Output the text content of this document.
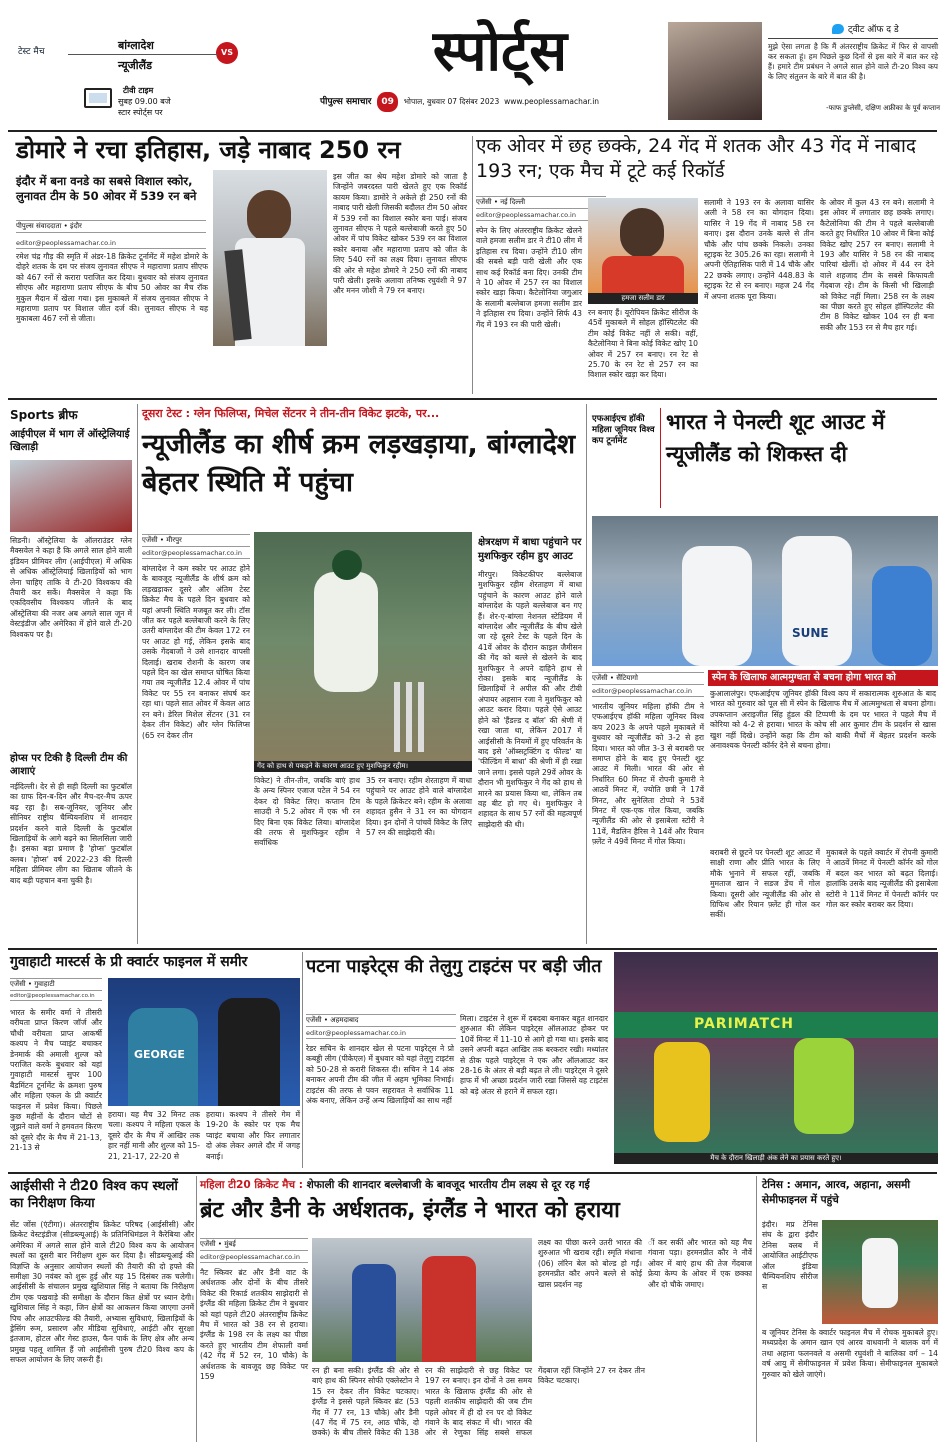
टेस्ट मैच	बांग्लादेश
VS
न्यूजीलैंड
टीवी टाइम
सुबह 09.00 बजे
स्टार स्पोर्ट्स पर
स्पोर्ट्स
पीपुल्स समाचार 09 भोपाल, बुधवार 07 दिसंबर 2023 www.peoplessamachar.in
ट्वीट ऑफ द डे
मुझे ऐसा लगता है कि मैं अंतरराष्ट्रीय क्रिकेट में फिर से वापसी कर सकता हूं। हम पिछले कुछ दिनों से इस बारे में बात कर रहे हैं। हमारे टीम प्रबंधन ने अगले साल होने वाले टी-20 विश्व कप के लिए संतुलन के बारे में बात की है।
-फाफ डुप्लेसी, दक्षिण अफ्रीका के पूर्व कप्तान
डोमारे ने रचा इतिहास, जड़े नाबाद 250 रन
इंदौर में बना वनडे का सबसे विशाल स्कोर, लुनावत टीम के 50 ओवर में 539 रन बने
पीपुल्स संवाददाता • इंदौर
editor@peoplessamachar.co.in
रमेश चंद्र गौड़ की स्मृति में अंडर-18 क्रिकेट टूर्नामेंट में महेश डोमारे के दोहरे शतक के दम पर संजय लुनावत सीएफ ने महाराणा प्रताप सीएफ को 467 रनों से करारा पराजित कर दिया। बुधवार को संजय लुनावत सीएफ और महाराणा प्रताप सीएफ के बीच 50 ओवर का मैच रॉक मुकुल मैदान में खेला गया। इस मुकाबले में संजय लुनावत सीएफ ने महाराणा प्रताप पर विशाल जीत दर्ज की। लुनावत सीएफ ने यह मुकाबला 467 रनों से जीता।
इस जीत का श्रेय महेश डोमारे को जाता है जिन्होंने जबरदस्त पारी खेलते हुए एक रिकॉर्ड कायम किया। डामोरे ने अकेले ही 250 रनों की नाबाद पारी खेली जिसकी बदौलत टीम 50 ओवर में 539 रनों का विशाल स्कोर बना पाई। संजय लुनावत सीएफ ने पहले बल्लेबाजी करते हुए 50 ओवर में पांच विकेट खोकर 539 रन का विशाल स्कोर बनाया और महाराणा प्रताप को जीत के लिए 540 रनों का लक्ष्य दिया। लुनावत सीएफ की ओर से महेश डोमारे ने 250 रनों की नाबाद पारी खेली। इसके अलावा तनिष्क रघुवंशी ने 97 और मनन जोशी ने 79 रन बनाए।
एक ओवर में छह छक्के, 24 गेंद में शतक और 43 गेंद में नाबाद 193 रन; एक मैच में टूटे कई रिकॉर्ड
एजेंसी • नई दिल्ली
editor@peoplessamachar.co.in
स्पेन के लिए अंतरराष्ट्रीय क्रिकेट खेलने वाले हमजा सलीम डार ने टी10 लीग में इतिहास रच दिया। उन्होंने टी10 लीग की सबसे बड़ी पारी खेली और एक साथ कई रिकॉर्ड बना दिए। उनकी टीम ने 10 ओवर में 257 रन का विशाल स्कोर खड़ा किया। कैटेलोनिया जगुआर के सलामी बल्लेबाज हमजा सलीम डार ने इतिहास रच दिया। उन्होंने सिर्फ 43 गेंद में 193 रन की पारी खेली।
हमजा सलीम डार
रन बनाए हैं। यूरोपियन क्रिकेट सीरीज के 45वें मुकाबले में सोहल हॉस्पिटलेट की टीम कोई विकेट नहीं ले सकी। वहीं, कैटेलोनिया ने बिना कोई विकेट खोए 10 ओवर में 257 रन बनाए। रन रेट से 25.70 के रन रेट से 257 रन का विशाल स्कोर खड़ा कर दिया।
सलामी ने 193 रन के अलावा यासिर अली ने 58 रन का योगदान दिया। यासिर ने 19 गेंद में नाबाद 58 रन बनाए। इस दौरान उनके बल्ले से तीन चौके और पांच छक्के निकले। उनका स्ट्राइक रेट 305.26 का रहा। सलामी ने अपनी ऐतिहासिक पारी में 14 चौके और 22 छक्के लगाए। उन्होंने 448.83 के स्ट्राइक रेट से रन बनाए। महज 24 गेंद में अपना शतक पूरा किया।
के ओवर में कुल 43 रन बने। सलामी ने इस ओवर में लगातार छह छक्के लगाए। कैटेलोनिया की टीम ने पहले बल्लेबाजी करते हुए निर्धारित 10 ओवर में बिना कोई विकेट खोए 257 रन बनाए। सलामी ने 193 और यासिर ने 58 रन की नाबाद पारियां खेलीं। दो ओवर में 44 रन देने वाले शहजाद टीम के सबसे किफायती गेंदबाज रहे। टीम के किसी भी खिलाड़ी को विकेट नहीं मिला। 258 रन के लक्ष्य का पीछा करते हुए सोहल हॉस्पिटलेट की टीम 8 विकेट खोकर 104 रन ही बना सकी और 153 रन से मैच हार गई।
Sports ब्रीफ
आईपीएल में भाग लें ऑस्ट्रेलियाई खिलाड़ी
सिडनी। ऑस्ट्रेलिया के ऑलराउंडर ग्लेन मैक्सवेल ने कहा है कि अगले साल होने वाली इंडियन प्रीमियर लीग (आईपीएल) में अधिक से अधिक ऑस्ट्रेलियाई खिलाड़ियों को भाग लेना चाहिए ताकि वे टी-20 विश्वकप की तैयारी कर सकें। मैक्सवेल ने कहा कि एकदिवसीय विश्वकप जीतने के बाद ऑस्ट्रेलिया की नजर अब अगले साल जून में वेस्टइंडीज और अमेरिका में होने वाले टी-20 विश्वकप पर है।
होप्स पर टिकी है दिल्ली टीम की आशाएं
नईदिल्ली। देर से ही सही दिल्ली का फुटबॉल का ग्राफ दिन-ब-दिन और मैच-दर-मैच ऊपर बढ़ रहा है। सब-जूनियर, जूनियर और सीनियर राष्ट्रीय चैम्पियनशिप में शानदार प्रदर्शन करने वाले दिल्ली के फुटबॉल खिलाड़ियों के आगे बढ़ने का सिलसिला जारी है। इसका बड़ा प्रमाण है 'होप्स' फुटबॉल क्लब। 'होप्स' वर्ष 2022-23 की दिल्ली महिला प्रीमियर लीग का खिताब जीतने के बाद बड़ी पहचान बना चुकी है।
दूसरा टेस्ट : ग्लेन फिलिप्स, मिचेल सेंटनर ने तीन-तीन विकेट झटके, पर...
न्यूजीलैंड का शीर्ष क्रम लड़खड़ाया, बांग्लादेश बेहतर स्थिति में पहुंचा
एजेंसी • मीरपुर
editor@peoplessamachar.co.in
बांग्लादेश ने कम स्कोर पर आउट होने के बावजूद न्यूजीलैंड के शीर्ष क्रम को लड़खड़ाकर दूसरे और अंतिम टेस्ट क्रिकेट मैच के पहले दिन बुधवार को यहां अपनी स्थिति मजबूत कर ली। टॉस जीत कर पहले बल्लेबाजी करने के लिए उतरी बांग्लादेश की टीम केवल 172 रन पर आउट हो गई, लेकिन इसके बाद उसके गेंदबाजों ने उसे शानदार वापसी दिलाई। खराब रोशनी के कारण जब पहले दिन का खेल समाप्त घोषित किया गया तब न्यूजीलैंड 12.4 ओवर में पांच विकेट पर 55 रन बनाकर संघर्ष कर रहा था। पहले सात ओवर में केवल आठ रन बने। डेरिल मिशेल सेंटनर (31 रन देकर तीन विकेट) और ग्लेन फिलिप्स (65 रन देकर तीन
गेंद को हाथ से पकड़ने के कारण आउट हुए मुशफिकुर रहीम।
विकेट) ने तीन-तीन, जबकि बाएं हाथ के अन्य स्पिनर एजाज पटेल ने 54 रन देकर दो विकेट लिए। कप्तान टिम साउदी ने 5.2 ओवर में एक भी रन दिए बिना एक विकेट लिया। बांग्लादेश की तरफ से मुशफिकुर रहीम ने सर्वाधिक
35 रन बनाए। रहीम शेरताहण में बाधा पहुंचाने पर आउट होने वाले बांग्लादेश के पहले क्रिकेटर बने। रहीम के अलावा शहादत हुसैन ने 31 रन का योगदान दिया। इन दोनों ने पांचवें विकेट के लिए 57 रन की साझेदारी की।
क्षेत्ररक्षण में बाधा पहुंचाने पर मुशफिकुर रहीम हुए आउट
मीरपुर। विकेटकीपर बल्लेबाज मुशफिकुर रहीम शेरताहण में बाधा पहुंचाने के कारण आउट होने वाले बांग्लादेश के पहले बल्लेबाज बन गए हैं। शेर-ए-बांग्ला नेशनल स्टेडियम में बांग्लादेश और न्यूजीलैंड के बीच खेले जा रहे दूसरे टेस्ट के पहले दिन के 41वें ओवर के दौरान काइल जैमीसन की गेंद को बल्ले से खेलने के बाद मुशफिकुर ने अपने दाहिने हाथ से रोका। इसके बाद न्यूजीलैंड के खिलाड़ियों ने अपील की और टीवी अंपायर अहसान रजा ने मुशफिकुर को आउट करार दिया। पहले ऐसे आउट होने को 'हैंडल्ड द बॉल' की श्रेणी में रखा जाता था, लेकिन 2017 में आईसीसी के नियमों में हुए परिवर्तन के बाद इसे 'ऑब्सट्रक्टिंग द फील्ड' या 'फील्डिंग में बाधा' की श्रेणी में ही रखा जाने लगा। इससे पहले 29वें ओवर के दौरान भी मुशफिकुर ने गेंद को हाथ से मारने का प्रयास किया था, लेकिन तब वह बीट हो गए थे। मुशफिकुर ने शहादत के साथ 57 रनों की महत्वपूर्ण साझेदारी की थी।
एफआईएच हॉकी महिला जूनियर विश्व कप टूर्नामेंट
भारत ने पेनल्टी शूट आउट में न्यूजीलैंड को शिकस्त दी
SUNE
एजेंसी • सैंटियागो
editor@peoplessamachar.co.in
स्पेन के खिलाफ आत्ममुग्धता से बचना होगा भारत को
कुआलालंपुर। एफआईएच जूनियर हॉकी विश्व कप में सकारात्मक शुरुआत के बाद भारत को गुरुवार को पूल सी में स्पेन के खिलाफ मैच में आत्ममुग्धता से बचना होगा। उपकप्तान अराइजीत सिंह हुंडल की टिप्पणी के दम पर भारत ने पहले मैच में कोरिया को 4-2 से हराया। भारत के कोच सी आर कुमार टीम के प्रदर्शन से खास खुश नहीं दिखे। उन्होंने कहा कि टीम को बाकी मैचों में बेहतर प्रदर्शन करके अनावश्यक पेनल्टी कॉर्नर देने से बचना होगा।
भारतीय जूनियर महिला हॉकी टीम ने एफआईएच हॉकी महिला जूनियर विश्व कप 2023 के अपने पहले मुकाबले में बुधवार को न्यूजीलैंड को 3-2 से हरा दिया। भारत को जीत 3-3 से बराबरी पर समाप्त होने के बाद हुए पेनल्टी शूट आउट में मिली। भारत की ओर से निर्धारित 60 मिनट में रोपनी कुमारी ने आठवें मिनट में, ज्योति छत्री ने 17वें मिनट, और सुनेलिता टोप्पो ने 53वें मिनट में एक-एक गोल किया, जबकि न्यूजीलैंड की ओर से इसाबेला स्टोरी ने 11वें, मैडलिन हैरिस ने 14वें और रियान फ़्लेंट ने 49वें मिनट में गोल किया।
बराबरी से छूटने पर पेनल्टी शूट आउट में साक्षी राणा और प्रीति भारत के लिए मौके भुनाने में सफल रहीं, जबकि मुमताज खान ने सडज डेंच में गोल किया। दूसरी ओर न्यूजीलैंड की ओर से ग्रिफिथ और रियान फ़्लेंट ही गोल कर सकीं।
मुकाबले के पहले क्वार्टर में रोपनी कुमारी ने आठवें मिनट में पेनल्टी कॉर्नर को गोल में बदल कर भारत को बढ़त दिलाई। हालांकि उसके बाद न्यूजीलैंड की इसाबेला स्टोरी ने 11वें मिनट में पेनल्टी कॉर्नर पर गोल कर स्कोर बराबर कर दिया।
गुवाहाटी मास्टर्स के प्री क्वार्टर फाइनल में समीर
एजेंसी • गुवाहाटी
editor@peoplessamachar.co.in
भारत के समीर वर्मा ने तीसरी वरीयता प्राप्त किरण जॉर्ज और चौथी वरीयता प्राप्त आकर्षी कश्यप ने मैच प्वाइंट बचाकर डेनमार्क की अमाली शुल्ज को पराजित करके बुधवार को यहां गुवाहाटी मास्टर्स सुपर 100 बैडमिंटन टूर्नामेंट के क्रमशः पुरुष और महिला एकल के प्री क्वार्टर फाइनल में प्रवेश किया। पिछले कुछ महीनों के दौरान चोटों से जूझने वाले वर्मा ने हमवतन किरण को दूसरे दौर के मैच में 21-13, 21-13 से
GEORGE
हराया। यह मैच 32 मिनट तक चला। कश्यप ने महिला एकल के दूसरे दौर के मैच में आखिर तक हार नहीं मानी और शुल्ज को 15-21, 21-17, 22-20 से
हराया। कश्यप ने तीसरे गेम में 19-20 के स्कोर पर एक मैच प्वाइंट बचाया और फिर लगातार दो अंक लेकर अगले दौर में जगह बनाई।
पटना पाइरेट्स की तेलुगु टाइटंस पर बड़ी जीत
एजेंसी • अहमदाबाद
editor@peoplessamachar.co.in
रेडर सचिन के शानदार खेल से पटना पाइरेट्स ने प्रो कबड्डी लीग (पीकेएल) में बुधवार को यहां तेलुगु टाइटंस को 50-28 से करारी शिकस्त दी। सचिन ने 14 अंक बनाकर अपनी टीम की जीत में अहम भूमिका निभाई। टाइटंस की तरफ से पवन सहरावत ने सर्वाधिक 11 अंक बनाए, लेकिन उन्हें अन्य खिलाड़ियों का साथ नहीं
मिला। टाइटंस ने शुरू में दबदबा बनाकर बहुत शानदार शुरुआत की लेकिन पाइरेट्स ऑलआउट होकर पर 10वें मिनट में 11-10 से आगे हो गया था। इसके बाद उसने अपनी बढ़त आखिर तक बरकरार रखी। मध्यांतर से ठीक पहले पाइरेट्स ने एक और ऑलआउट कर 28-16 के अंतर से बड़ी बढ़त ले ली। पाइरेट्स ने दूसरे हाफ में भी अच्छा प्रदर्शन जारी रखा जिससे वह टाइटंस को बड़े अंतर से हराने में सफल रहा।
PARIMATCH
मैच के दौरान खिलाड़ी अंक लेने का प्रयास करते हुए।
आईसीसी ने टी20 विश्व कप स्थलों का निरीक्षण किया
सेंट जोंस (एंटीगा)। अंतरराष्ट्रीय क्रिकेट परिषद (आईसीसी) और क्रिकेट वेस्टइंडीज (सीडब्ल्यूआई) के प्रतिनिधिमंडल ने कैरेबिया और अमेरिका में अगले साल होने वाले टी20 विश्व कप के आयोजन स्थलों का दूसरी बार निरीक्षण शुरू कर दिया है। सीडब्ल्यूआई की विज्ञप्ति के अनुसार आयोजन स्थलों की तैयारी की दो हफ्ते की समीक्षा 30 नवंबर को शुरू हुई और यह 15 दिसंबर तक चलेगी। आईसीसी के संचालन प्रमुख खुशियाल सिंह ने बताया कि निरीक्षण टीम एक पखवाड़े की समीक्षा के दौरान कित क्षेत्रों पर ध्यान देगी। खुशियाल सिंह ने कहा, जिन क्षेत्रों का आकलन किया जाएगा उनमें पिच और आउटफील्ड की तैयारी, अभ्यास सुविधाएं, खिलाड़ियों के ड्रेसिंग रूम, प्रसारण और मीडिया सुविधाएं, आईटी और सुरक्षा इंतजाम, होटल और गेस्ट हाउस, फैन पार्क के लिए क्षेत्र और अन्य प्रमुख पहलू शामिल हैं जो आईसीसी पुरुष टी20 विश्व कप के सफल आयोजन के लिए जरूरी हैं।
महिला टी20 क्रिकेट मैच : शेफाली की शानदार बल्लेबाजी के बावजूद भारतीय टीम लक्ष्य से दूर रह गई
ब्रंट और डैनी के अर्धशतक, इंग्लैंड ने भारत को हराया
एजेंसी • मुंबई
editor@peoplessamachar.co.in
नैट स्किवर ब्रंट और डैनी वाट के अर्धशतक और दोनों के बीच तीसरे विकेट की रिकार्ड शतकीय साझेदारी से इंग्लैंड की महिला क्रिकेट टीम ने बुधवार को यहां पहले टी20 अंतरराष्ट्रीय क्रिकेट मैच में भारत को 38 रन से हराया। इंग्लैंड के 198 रन के लक्ष्य का पीछा करते हुए भारतीय टीम शेफाली वर्मा (42 गेंद में 52 रन, 10 चौके) के अर्धशतक के बावजूद छह विकेट पर 159
रन ही बना सकी। इंग्लैंड की ओर से बाएं हाथ की स्पिनर सोफी एक्लेस्टोन ने 15 रन देकर तीन विकेट चटकाए। इंग्लैंड ने इससे पहले स्किवर ब्रंट (53 गेंद में 77 रन, 13 चौके) और डैनी (47 गेंद में 75 रन, आठ चौके, दो छक्के) के बीच तीसरे विकेट की 138 रन की साझेदारी से छह विकेट पर 197 रन बनाए। इन दोनों ने उस समय भारत के खिलाफ इंग्लैंड की ओर से पहली शतकीय साझेदारी की जब टीम पहले ओवर में ही दो रन पर दो विकेट गंवाने के बाद संकट में थी। भारत की ओर से रेणुका सिंह सबसे सफल गेंदबाज रहीं जिन्होंने 27 रन देकर तीन विकेट चटकाए।
लक्ष्य का पीछा करने उतरी भारत की शुरुआत भी खराब रही। स्मृति मंधाना (06) लॉरेन बेल को बोल्ड हो गईं। हरमनप्रीत कौर अपने बल्ले से कोई खास प्रदर्शन नह
ीं कर सकीं और भारत को यह मैच गंवाना पड़ा। हरमनप्रीत कौर ने नौवें ओवर में बाएं हाथ की तेज गेंदबाज फ्रेया केम्प के ओवर में एक छक्का और दो चौके जमाए।
टेनिस : अमान, आरव, अहाना, असमी सेमीफाइनल में पहुंचे
इंदौर। मप्र टेनिस संघ के द्वारा इंदौर टेनिस क्लब में आयोजित आईटीएफ ऑल इंडिया चैम्पियनशिप सीरीज स
ब जूनियर टेनिस के क्वार्टर फाइनल मैच में रोचक मुकाबले हुए। मध्यप्रदेश के अमान खान एवं आरव वाधवानी ने बालक वर्ग में तथा अहाना फलनवले व असमी रघुवंशी ने बालिका वर्ग – 14 वर्ष आयु में सेमीफाइनल में प्रवेश किया। सेमीफाइनल मुकाबले गुरुवार को खेले जाएंगे।
